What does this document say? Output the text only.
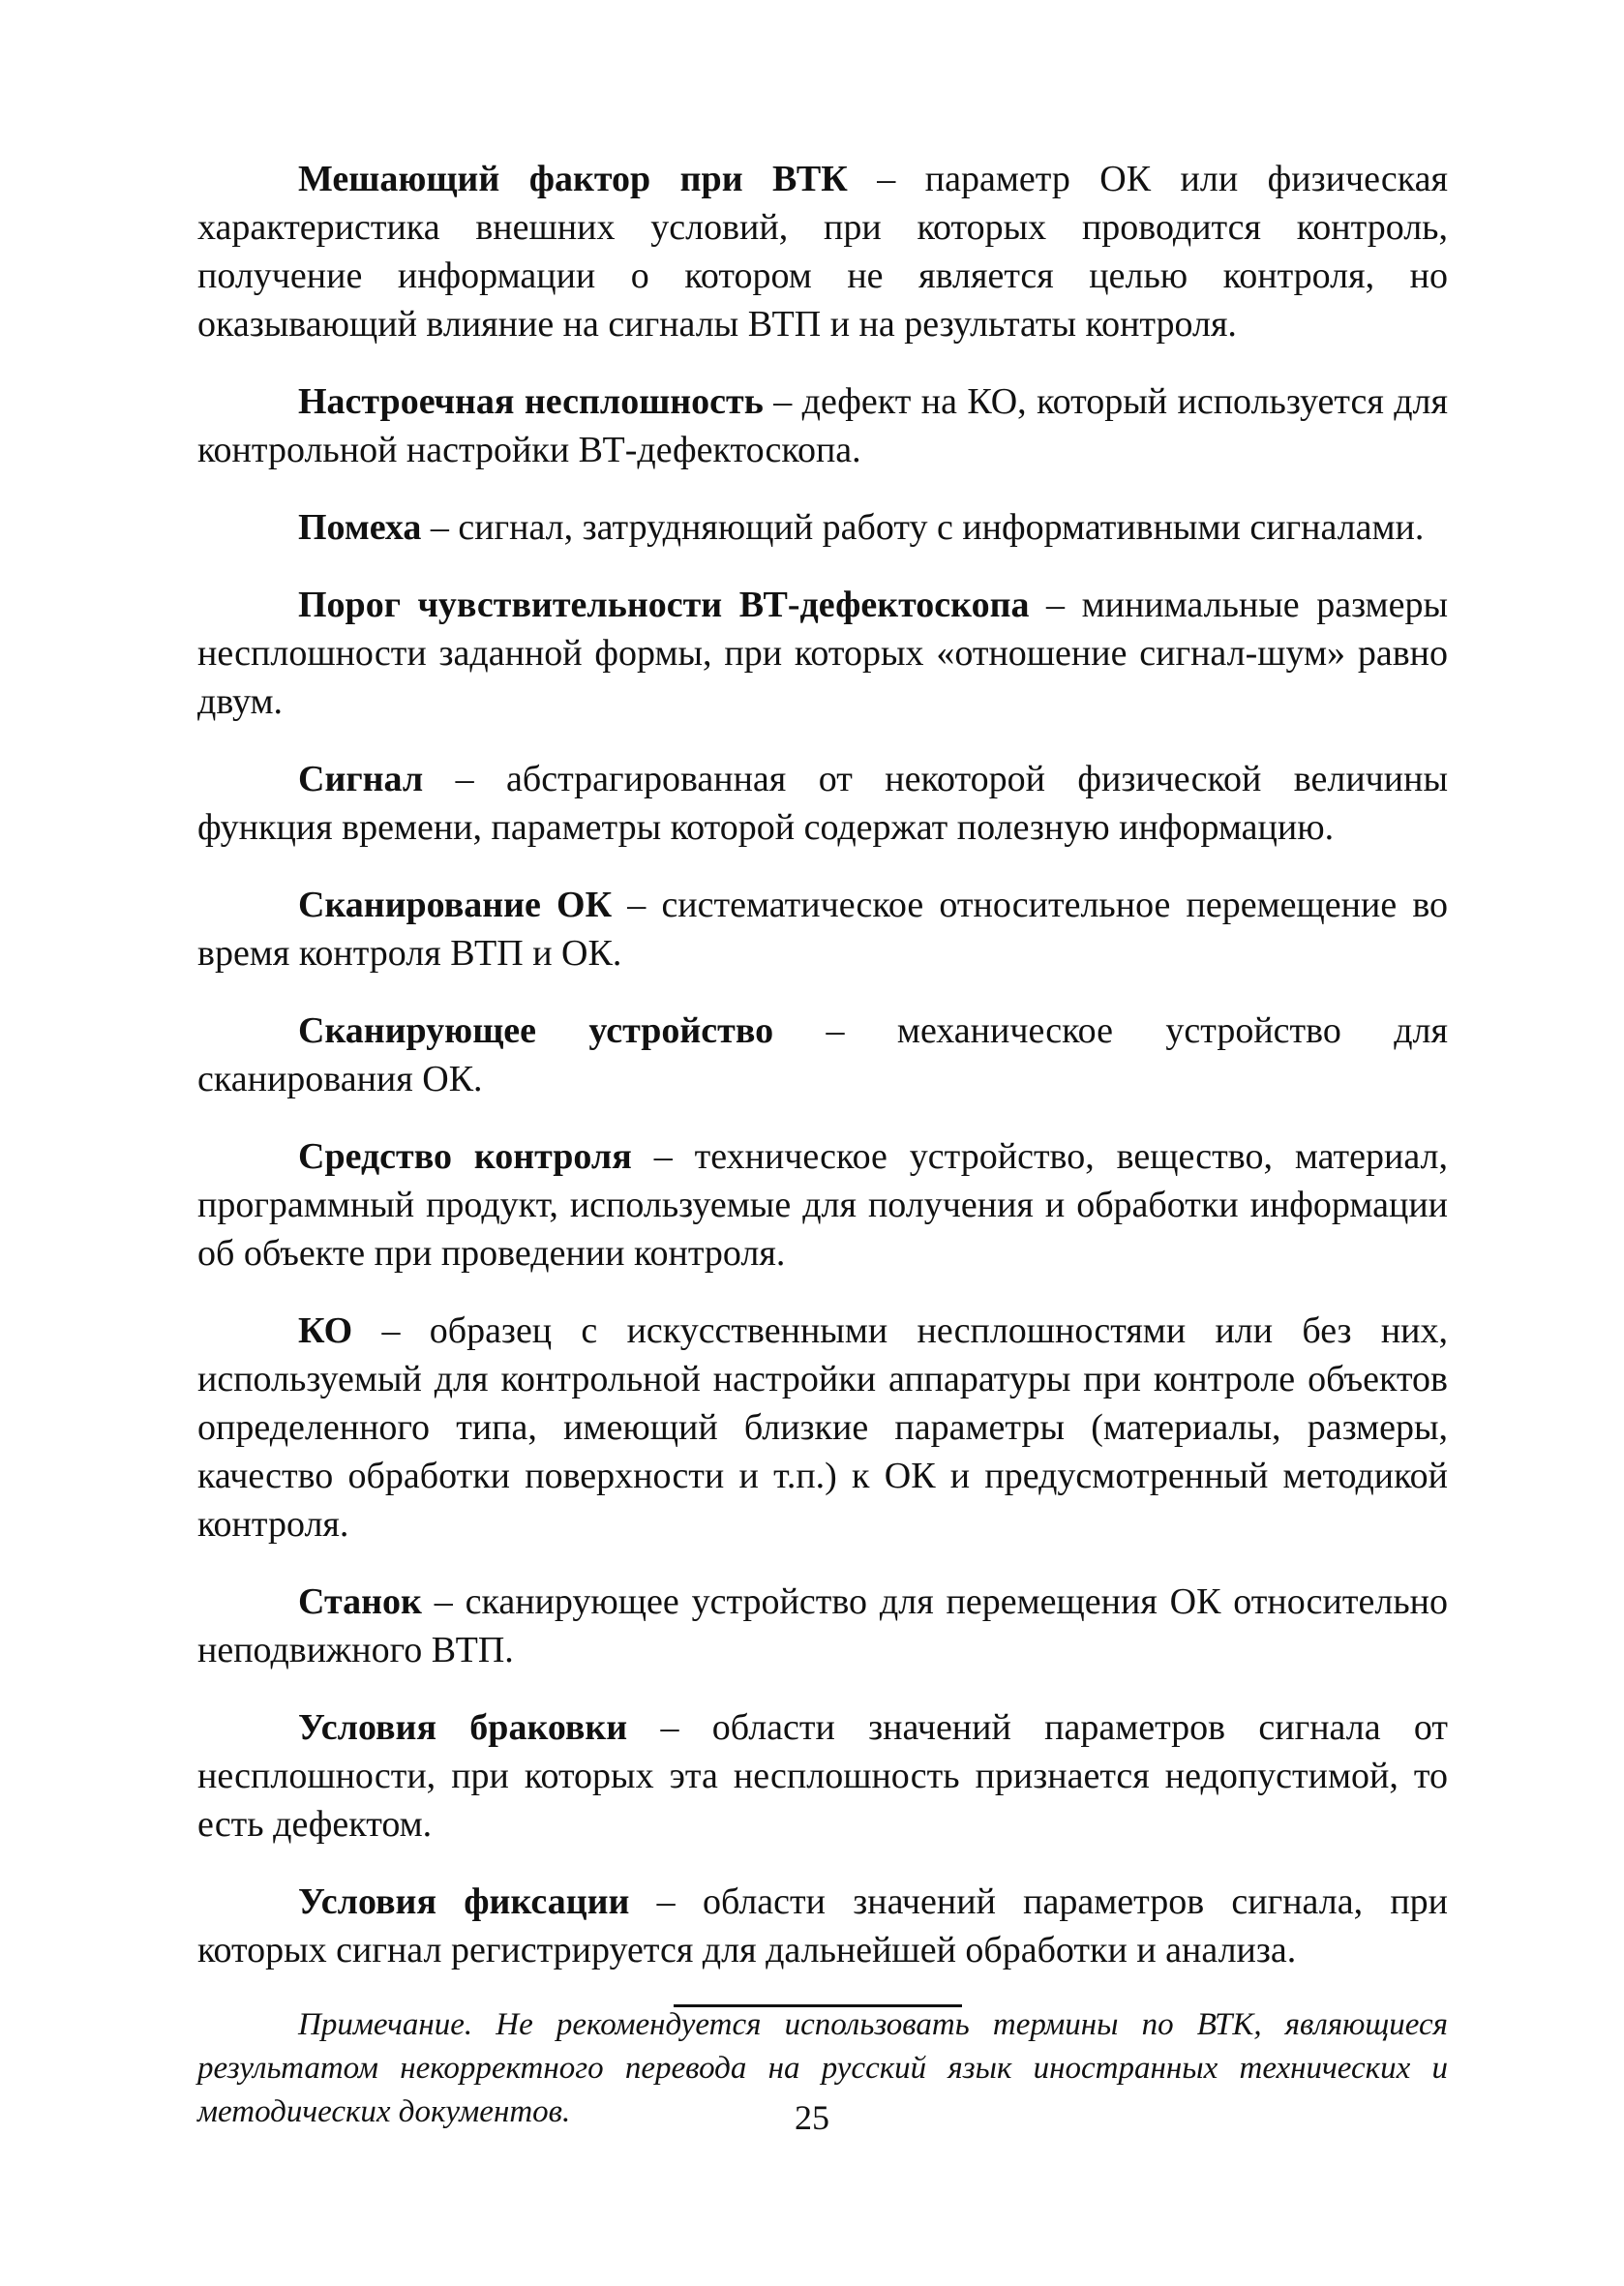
Мешающий фактор при ВТК – параметр ОК или физическая характеристика внешних условий, при которых проводится контроль, получение информации о котором не является целью контроля, но оказывающий влияние на сигналы ВТП и на результаты контроля.

Настроечная несплошность – дефект на КО, который используется для контрольной настройки ВТ-дефектоскопа.

Помеха – сигнал, затрудняющий работу с информативными сигналами.

Порог чувствительности ВТ-дефектоскопа – минимальные размеры несплошности заданной формы, при которых «отношение сигнал-шум» равно двум.

Сигнал – абстрагированная от некоторой физической величины функция времени, параметры которой содержат полезную информацию.

Сканирование ОК – систематическое относительное перемещение во время контроля ВТП и ОК.

Сканирующее устройство – механическое устройство для сканирования ОК.

Средство контроля – техническое устройство, вещество, материал, программный продукт, используемые для получения и обработки информации об объекте при проведении контроля.

КО – образец с искусственными несплошностями или без них, используемый для контрольной настройки аппаратуры при контроле объектов определенного типа, имеющий близкие параметры (материалы, размеры, качество обработки поверхности и т.п.) к ОК и предусмотренный методикой контроля.

Станок – сканирующее устройство для перемещения ОК относительно неподвижного ВТП.

Условия браковки – области значений параметров сигнала от несплошности, при которых эта несплошность признается недопустимой, то есть дефектом.

Условия фиксации – области значений параметров сигнала, при которых сигнал регистрируется для дальнейшей обработки и анализа.

Примечание. Не рекомендуется использовать термины по ВТК, являющиеся результатом некорректного перевода на русский язык иностранных технических и методических документов.	25
